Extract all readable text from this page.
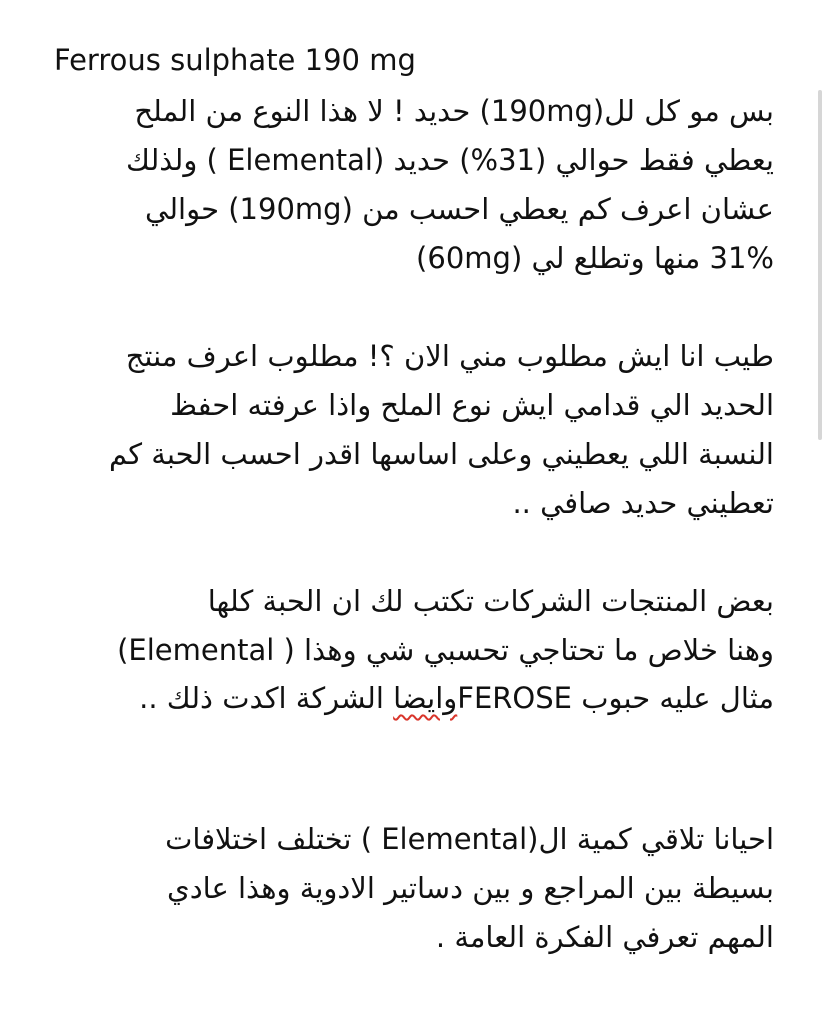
Ferrous sulphate 190 mg
بس مو كل لل(190mg) حديد ! لا هذا النوع من الملح
يعطي فقط حوالي (31%) حديد (Elemental ) ولذلك
عشان اعرف كم يعطي احسب من (190mg) حوالي
31% منها وتطلع لي (60mg)
طيب انا ايش مطلوب مني الان ؟! مطلوب اعرف منتج
الحديد الي قدامي ايش نوع الملح واذا عرفته احفظ
النسبة اللي يعطيني وعلى اساسها اقدر احسب الحبة كم
تعطيني حديد صافي ..
بعض المنتجات الشركات تكتب لك ان الحبة كلها
(Elemental ) وهنا خلاص ما تحتاجي تحسبي شي وهذا
مثال عليه حبوب FEROSEوايضا الشركة اكدت ذلك ..
احيانا تلاقي كمية ال(Elemental ) تختلف اختلافات
بسيطة بين المراجع و بين دساتير الادوية وهذا عادي
المهم تعرفي الفكرة العامة .
